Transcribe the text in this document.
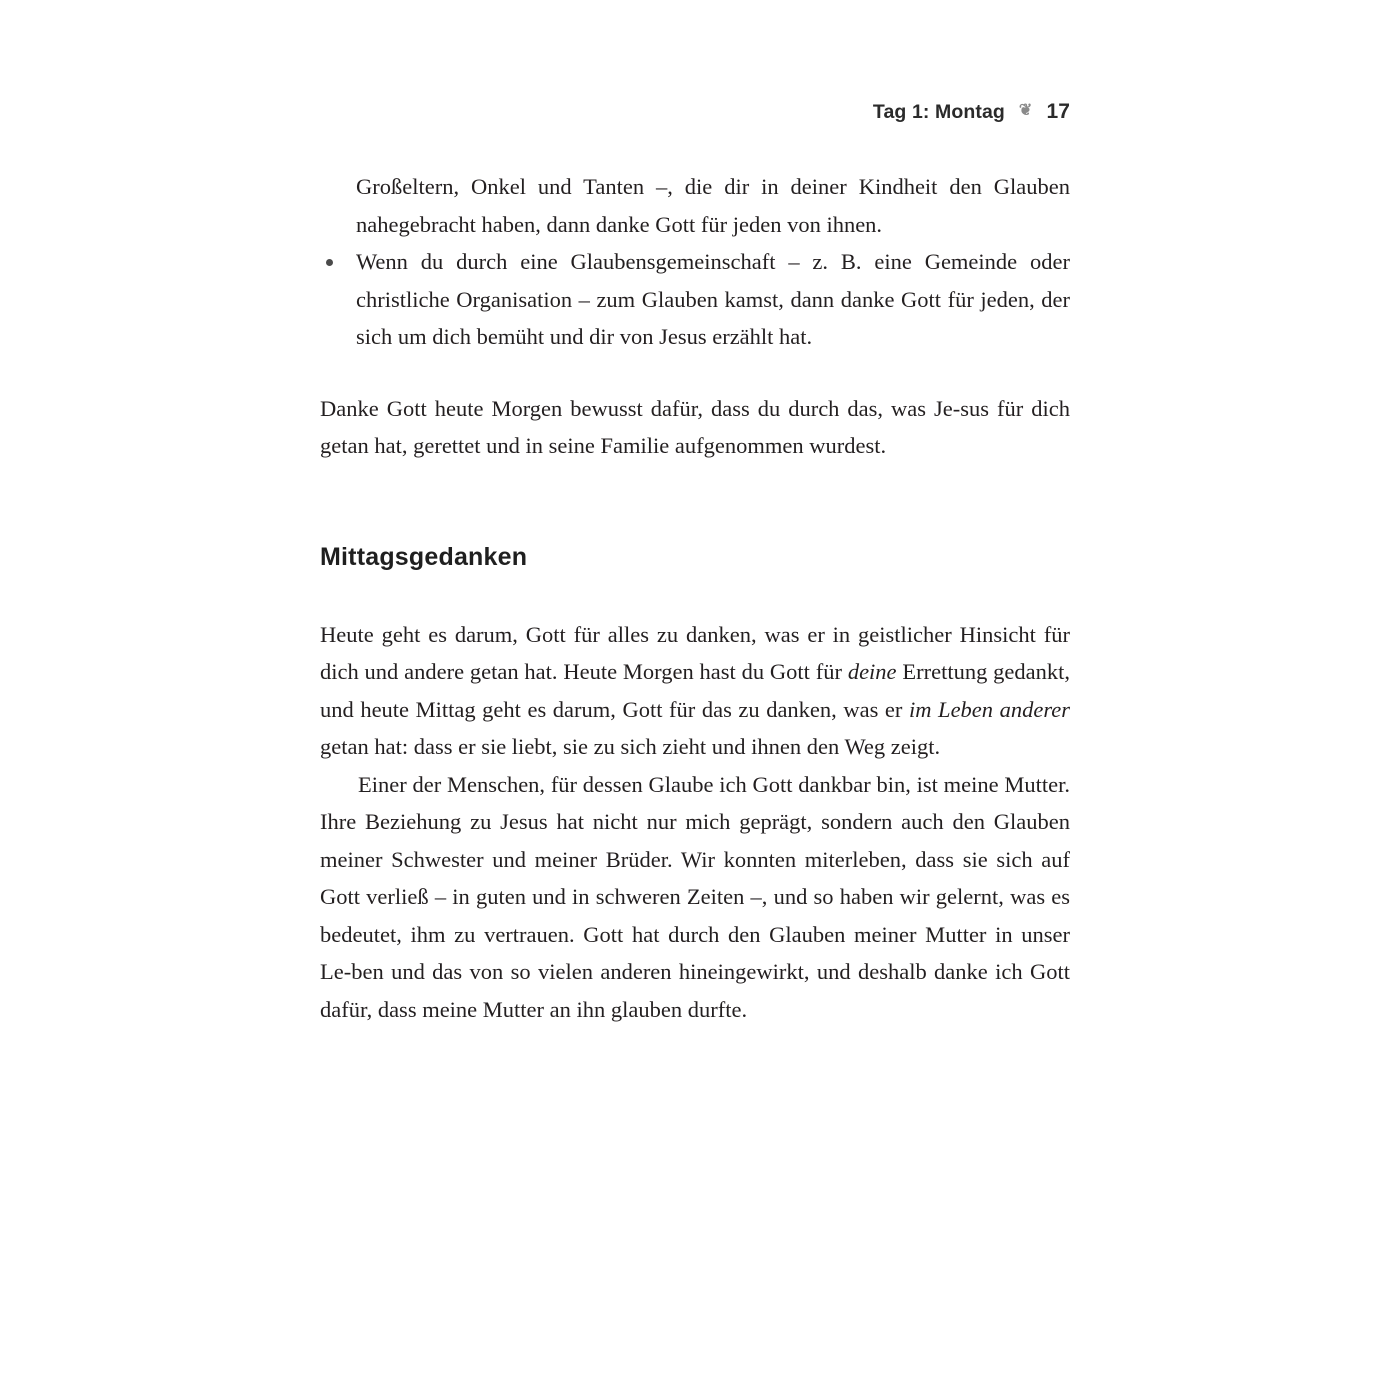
Tag 1: Montag ❦ 17
Großeltern, Onkel und Tanten –, die dir in deiner Kindheit den Glauben nahegebracht haben, dann danke Gott für jeden von ihnen.
Wenn du durch eine Glaubensgemeinschaft – z. B. eine Gemeinde oder christliche Organisation – zum Glauben kamst, dann danke Gott für jeden, der sich um dich bemüht und dir von Jesus erzählt hat.

Danke Gott heute Morgen bewusst dafür, dass du durch das, was Je-sus für dich getan hat, gerettet und in seine Familie aufgenommen wurdest.

Mittagsgedanken

Heute geht es darum, Gott für alles zu danken, was er in geistlicher Hinsicht für dich und andere getan hat. Heute Morgen hast du Gott für deine Errettung gedankt, und heute Mittag geht es darum, Gott für das zu danken, was er im Leben anderer getan hat: dass er sie liebt, sie zu sich zieht und ihnen den Weg zeigt.

Einer der Menschen, für dessen Glaube ich Gott dankbar bin, ist meine Mutter. Ihre Beziehung zu Jesus hat nicht nur mich geprägt, sondern auch den Glauben meiner Schwester und meiner Brüder. Wir konnten miterleben, dass sie sich auf Gott verließ – in guten und in schweren Zeiten –, und so haben wir gelernt, was es bedeutet, ihm zu vertrauen. Gott hat durch den Glauben meiner Mutter in unser Le-ben und das von so vielen anderen hineingewirkt, und deshalb danke ich Gott dafür, dass meine Mutter an ihn glauben durfte.
